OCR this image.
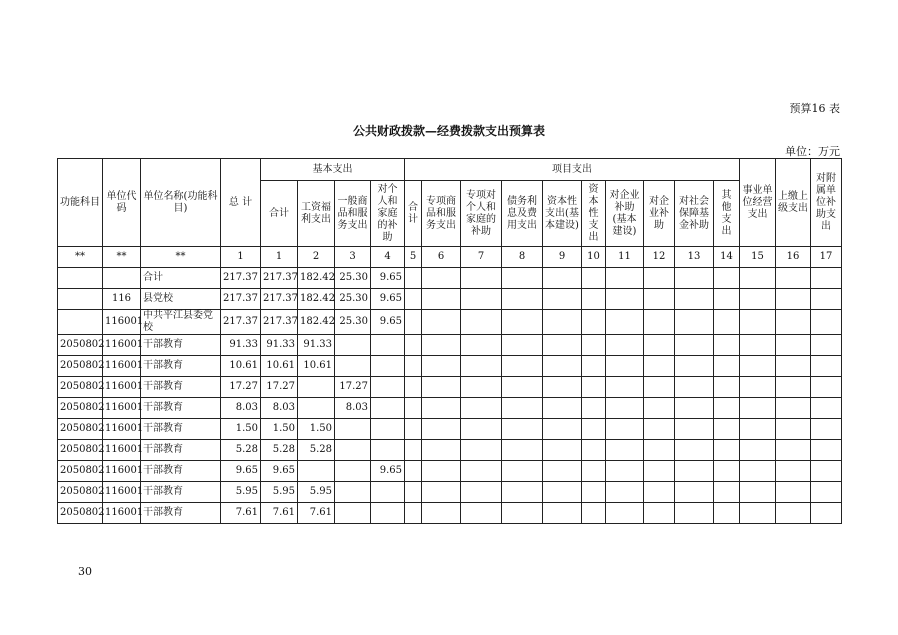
预算16 表
公共财政拨款—经费拨款支出预算表
单位：万元
功能科目	单位代码	单位名称(功能科目)	总 计	基本支出				项目支出										事业单位经营支出	上缴上级支出	对附属单位补助支出
				合计	工资福利支出	一般商品和服务支出	对个人和家庭的补助	合计	专项商品和服务支出	专项对个人和家庭的补助	债务利息及费用支出	资本性支出(基本建设)	资本性支出	对企业补助(基本建设)	对企业补助	对社会保障基金补助	其他支出			
**	**	**	1	1	2	3	4	5	6	7	8	9	10	11	12	13	14	15	16	17
		合计	217.37	217.37	182.42	25.30	9.65													
	116	县党校	217.37	217.37	182.42	25.30	9.65													
	116001	中共平江县委党校	217.37	217.37	182.42	25.30	9.65													
2050802	116001	干部教育	91.33	91.33	91.33															
2050802	116001	干部教育	10.61	10.61	10.61															
2050802	116001	干部教育	17.27	17.27		17.27														
2050802	116001	干部教育	8.03	8.03		8.03														
2050802	116001	干部教育	1.50	1.50	1.50															
2050802	116001	干部教育	5.28	5.28	5.28															
2050802	116001	干部教育	9.65	9.65			9.65													
2050802	116001	干部教育	5.95	5.95	5.95															
2050802	116001	干部教育	7.61	7.61	7.61															
30
